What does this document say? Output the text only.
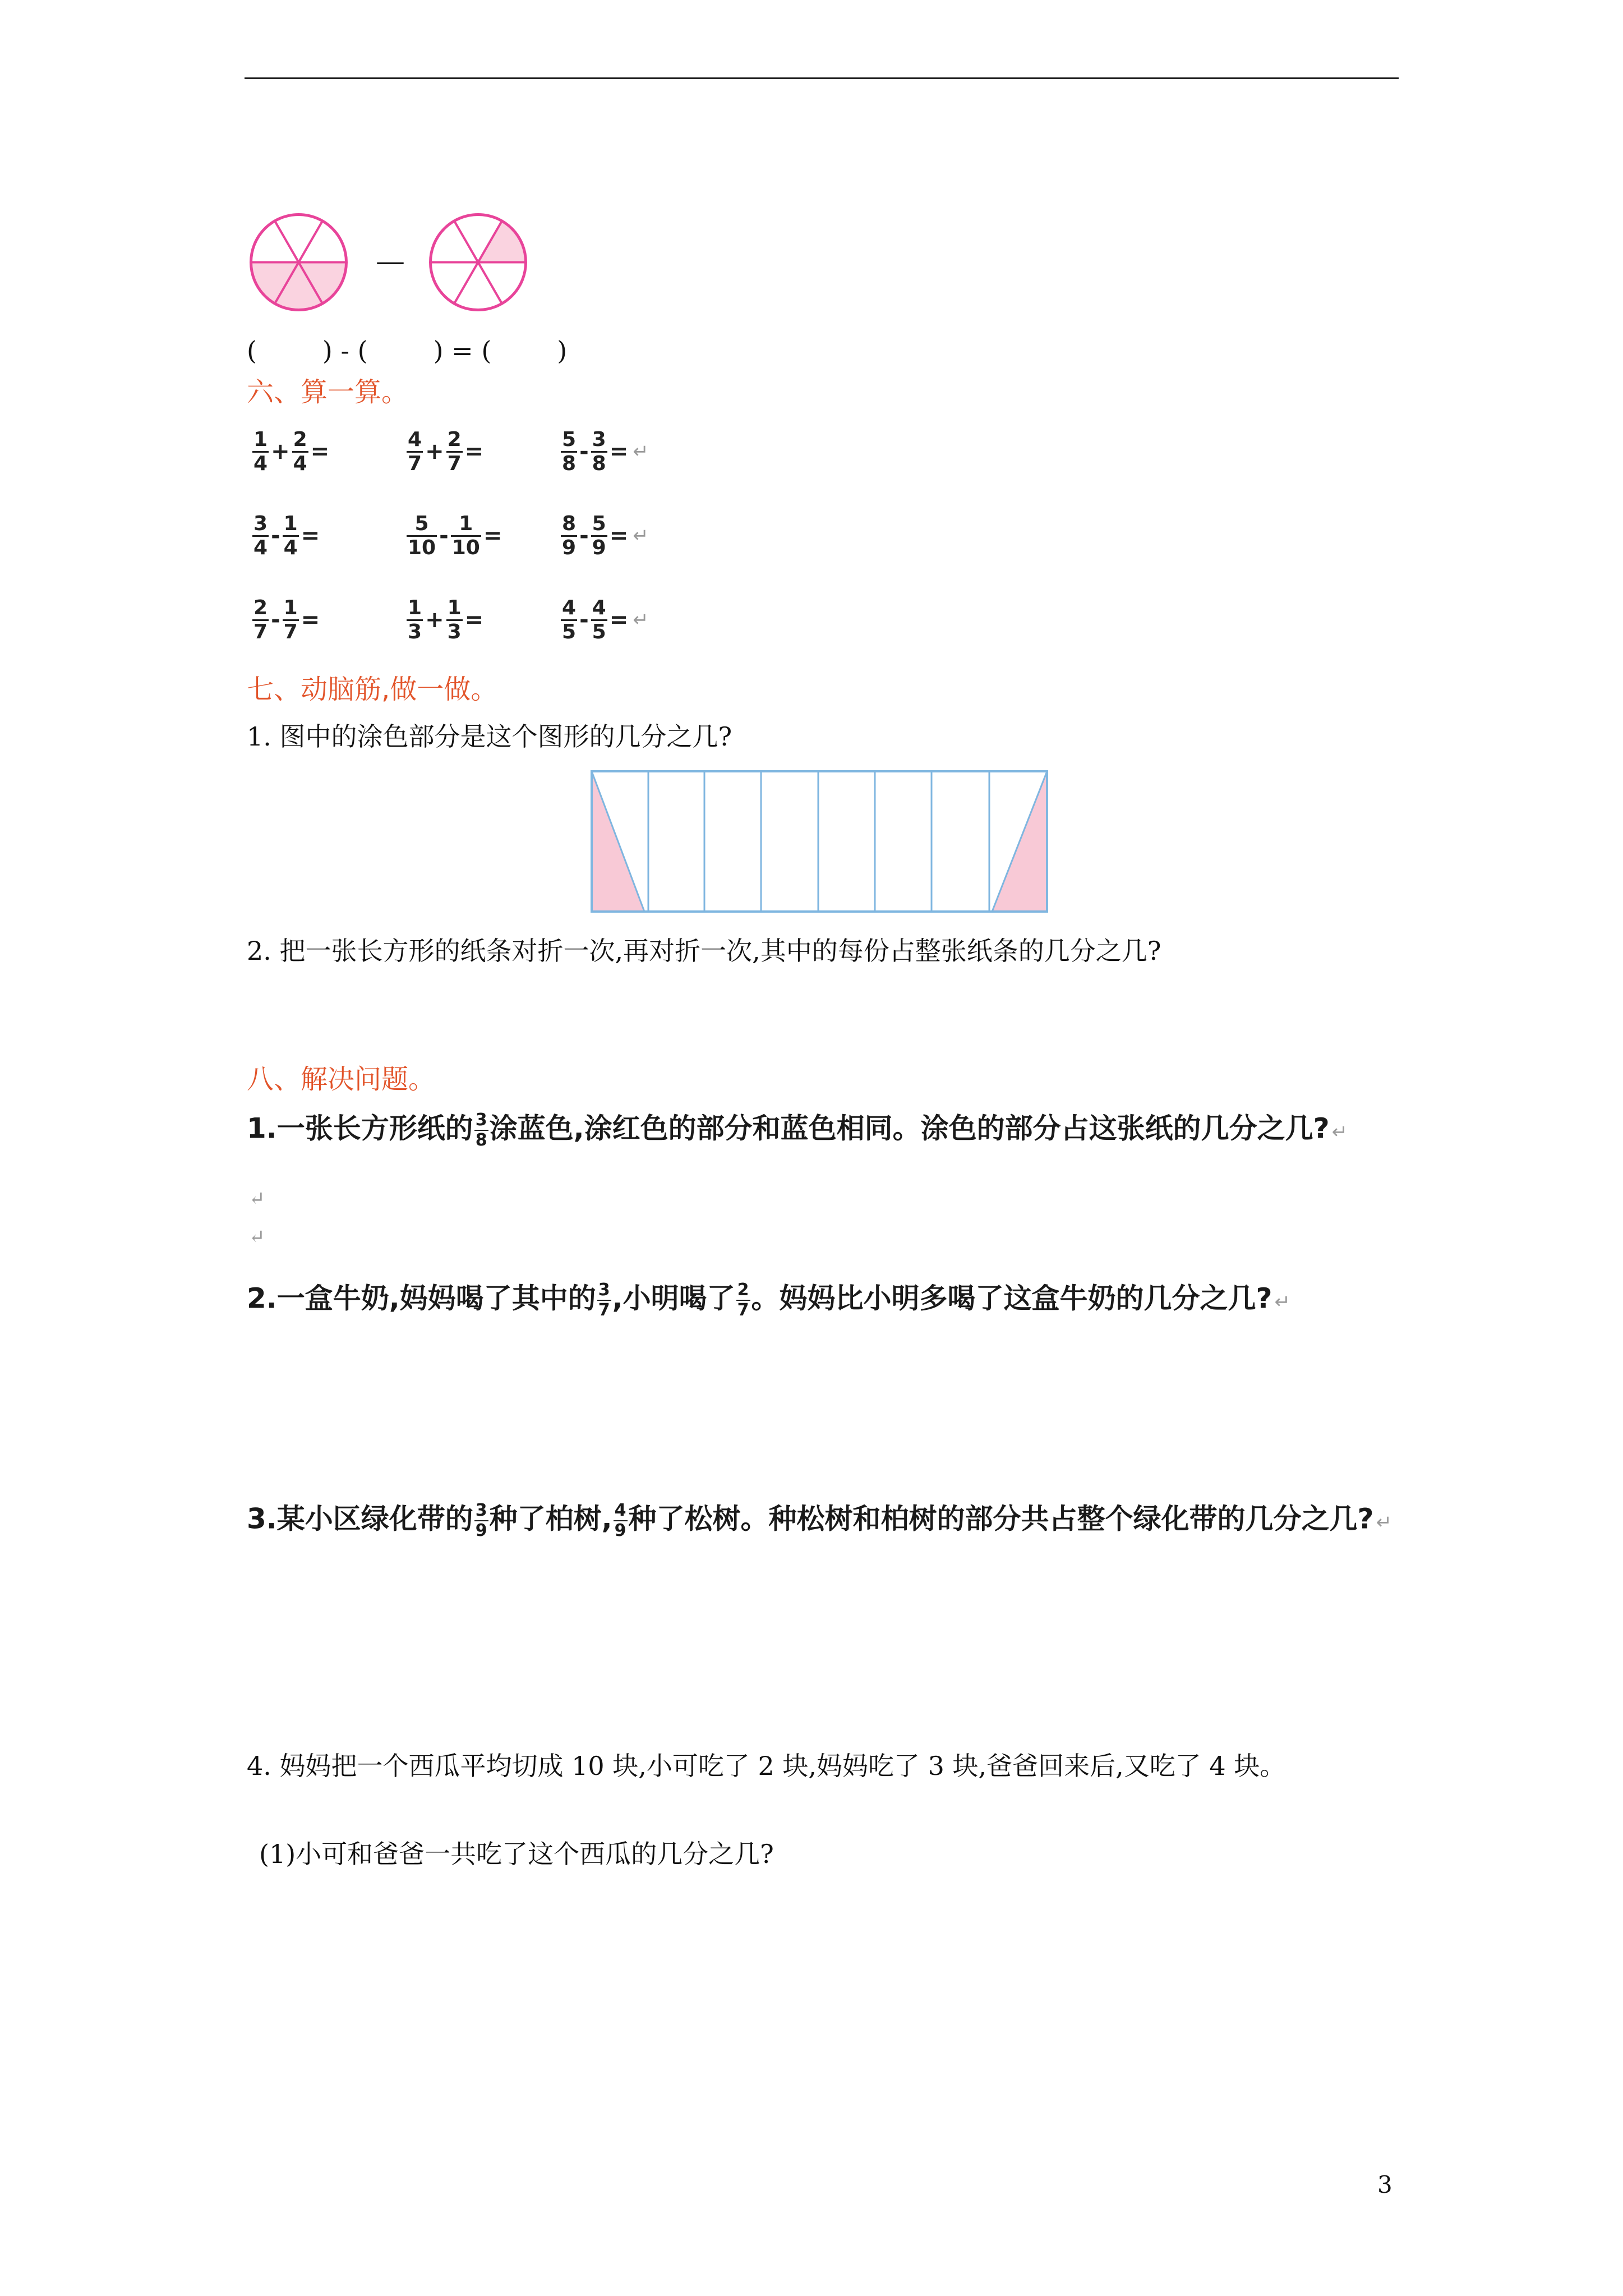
—
(        ) - (        ) = (        )
六、算一算。
$\frac{1}{4} + \frac{2}{4}$ =	$\frac{4}{7} + \frac{2}{7}$ =	$\frac{5}{8} - \frac{3}{8}$ = ↵
$\frac{3}{4} - \frac{1}{4}$ =	$\frac{5}{10} - \frac{1}{10}$ =	$\frac{8}{9} - \frac{5}{9}$ = ↵
$\frac{2}{7} - \frac{1}{7}$ =	$\frac{1}{3} + \frac{1}{3}$ =	$\frac{4}{5} - \frac{4}{5}$ = ↵
七、动脑筋,做一做。
1. 图中的涂色部分是这个图形的几分之几?
2. 把一张长方形的纸条对折一次,再对折一次,其中的每份占整张纸条的几分之几?
八、解决问题。
1.一张长方形纸的 $\frac{3}{8}$ 涂蓝色,涂红色的部分和蓝色相同。涂色的部分占这张纸的几分之几? ↵
↵
↵
2.一盒牛奶,妈妈喝了其中的 $\frac{3}{7}$ ,小明喝了 $\frac{2}{7}$ 。妈妈比小明多喝了这盒牛奶的几分之几? ↵
3.某小区绿化带的 $\frac{3}{9}$ 种了柏树, $\frac{4}{9}$ 种了松树。种松树和柏树的部分共占整个绿化带的几分之几? ↵
4. 妈妈把一个西瓜平均切成 10 块,小可吃了 2 块,妈妈吃了 3 块,爸爸回来后,又吃了 4 块。
(1)小可和爸爸一共吃了这个西瓜的几分之几?
3
